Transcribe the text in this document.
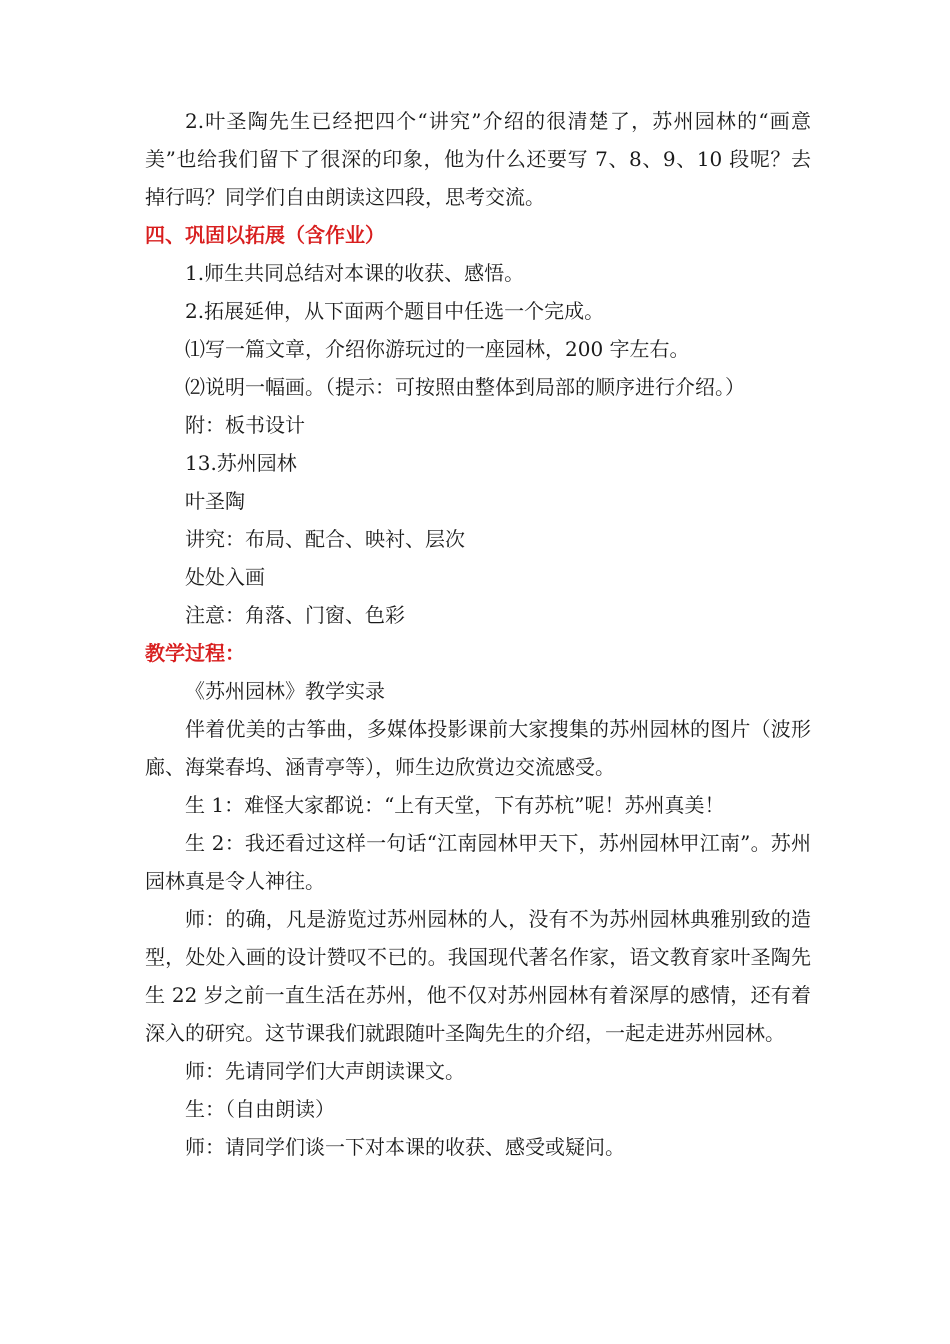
2.叶圣陶先生已经把四个“讲究”介绍的很清楚了，苏州园林的“画意美”也给我们留下了很深的印象，他为什么还要写 7、8、9、10 段呢？去掉行吗？同学们自由朗读这四段，思考交流。

四、巩固以拓展（含作业）

1.师生共同总结对本课的收获、感悟。

2.拓展延伸，从下面两个题目中任选一个完成。

⑴写一篇文章，介绍你游玩过的一座园林，200 字左右。

⑵说明一幅画。（提示：可按照由整体到局部的顺序进行介绍。）

附：板书设计

13.苏州园林

叶圣陶

讲究：布局、配合、映衬、层次

处处入画

注意：角落、门窗、色彩

教学过程：

《苏州园林》教学实录

伴着优美的古筝曲，多媒体投影课前大家搜集的苏州园林的图片（波形廊、海棠春坞、涵青亭等），师生边欣赏边交流感受。

生 1：难怪大家都说：“上有天堂，下有苏杭”呢！苏州真美！

生 2：我还看过这样一句话“江南园林甲天下，苏州园林甲江南”。苏州园林真是令人神往。

师：的确，凡是游览过苏州园林的人，没有不为苏州园林典雅别致的造型，处处入画的设计赞叹不已的。我国现代著名作家，语文教育家叶圣陶先生 22 岁之前一直生活在苏州，他不仅对苏州园林有着深厚的感情，还有着深入的研究。这节课我们就跟随叶圣陶先生的介绍，一起走进苏州园林。

师：先请同学们大声朗读课文。

生：（自由朗读）

师：请同学们谈一下对本课的收获、感受或疑问。
